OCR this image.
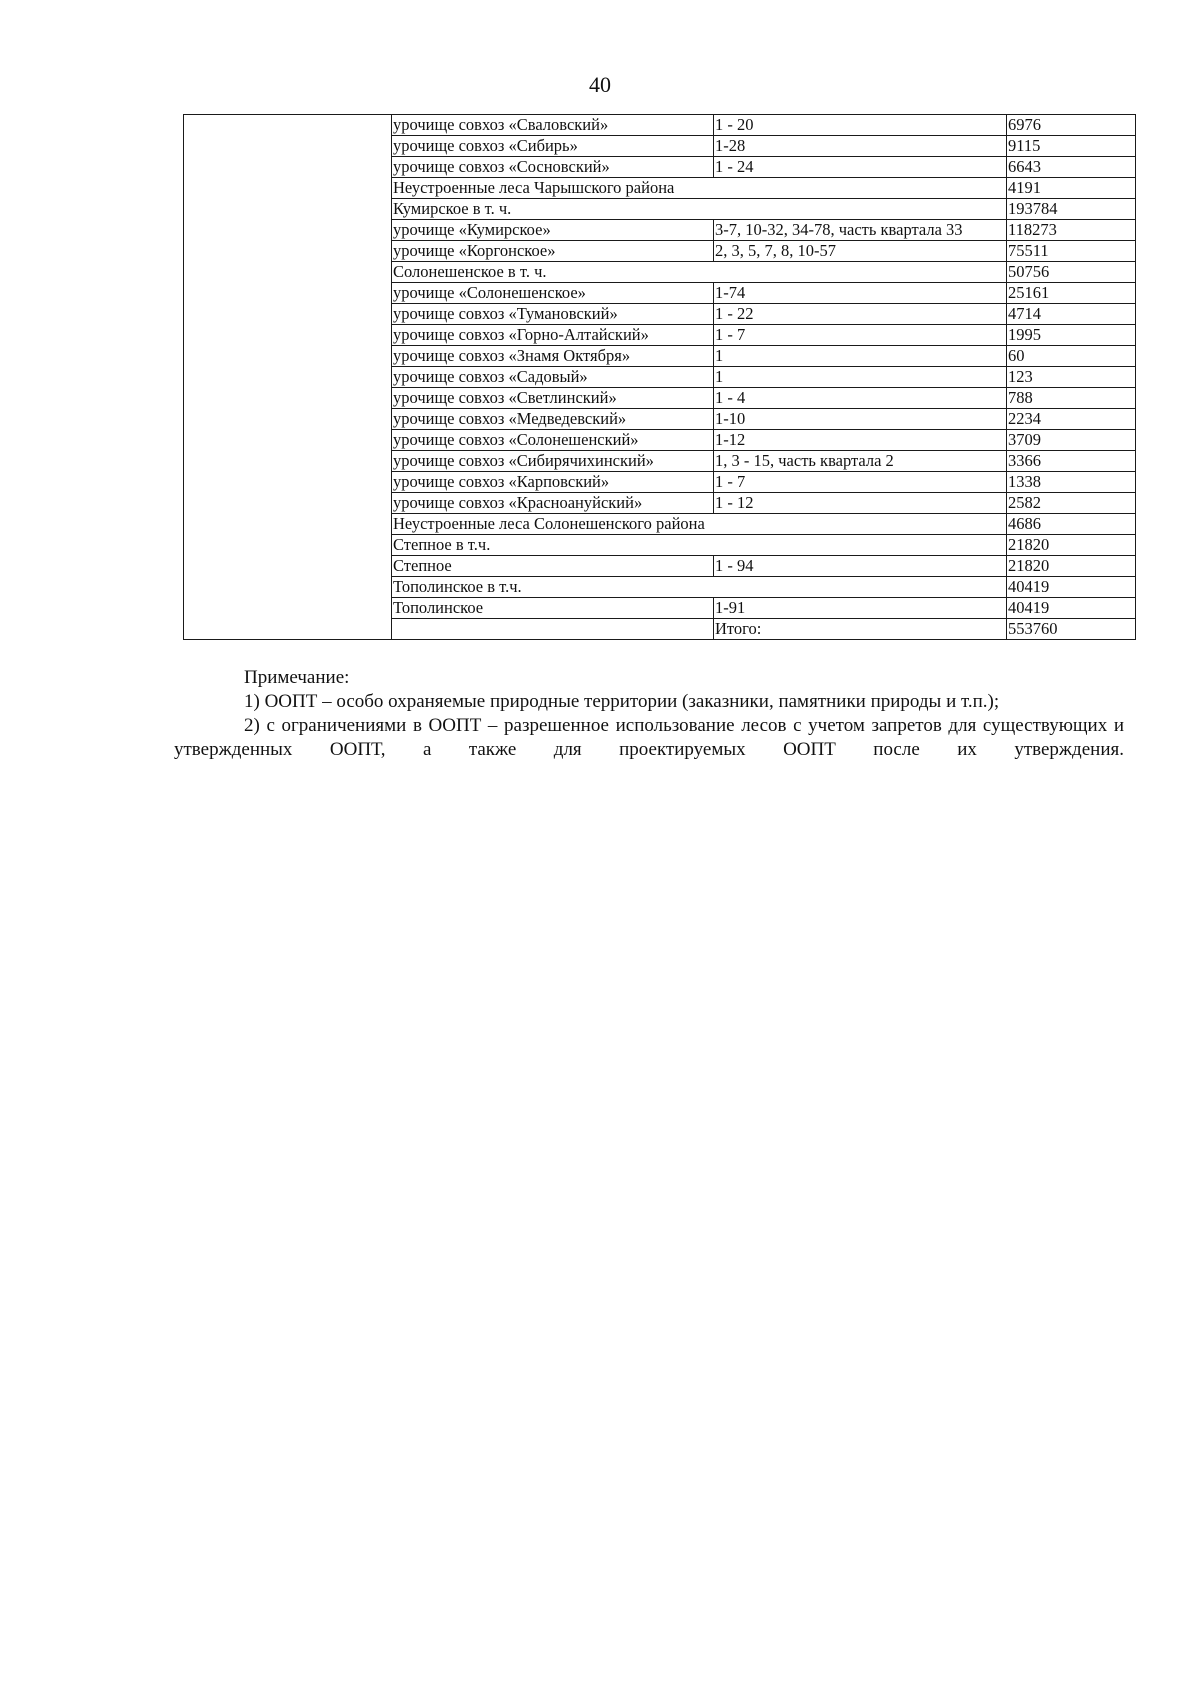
40
	урочище совхоз «Сваловский»	1 - 20	6976
	урочище совхоз «Сибирь»	1-28	9115
	урочище совхоз «Сосновский»	1 - 24	6643
	Неустроенные леса Чарышского района		4191
	Кумирское в т. ч.		193784
	урочище «Кумирское»	3-7, 10-32, 34-78, часть квартала 33	118273
	урочище «Коргонское»	2, 3, 5, 7, 8, 10-57	75511
	Солонешенское в т. ч.		50756
	урочище «Солонешенское»	1-74	25161
	урочище совхоз «Тумановский»	1 - 22	4714
	урочище совхоз «Горно-Алтайский»	1 - 7	1995
	урочище совхоз «Знамя Октября»	1	60
	урочище совхоз «Садовый»	1	123
	урочище совхоз «Светлинский»	1 - 4	788
	урочище совхоз «Медведевский»	1-10	2234
	урочище совхоз «Солонешенский»	1-12	3709
	урочище совхоз «Сибирячихинский»	1, 3 - 15, часть квартала 2	3366
	урочище совхоз «Карповский»	1 - 7	1338
	урочище совхоз «Красноануйский»	1 - 12	2582
	Неустроенные леса Солонешенского района		4686
	Степное в т.ч.		21820
	Степное	1 - 94	21820
	Тополинское в т.ч.		40419
	Тополинское	1-91	40419
		Итого:	553760
Примечание:
1) ООПТ – особо охраняемые природные территории (заказники, памятники природы и т.п.);
2) с ограничениями в ООПТ – разрешенное использование лесов с учетом запретов для существующих и утвержденных ООПТ, а также для проектируемых ООПТ после их утверждения.
